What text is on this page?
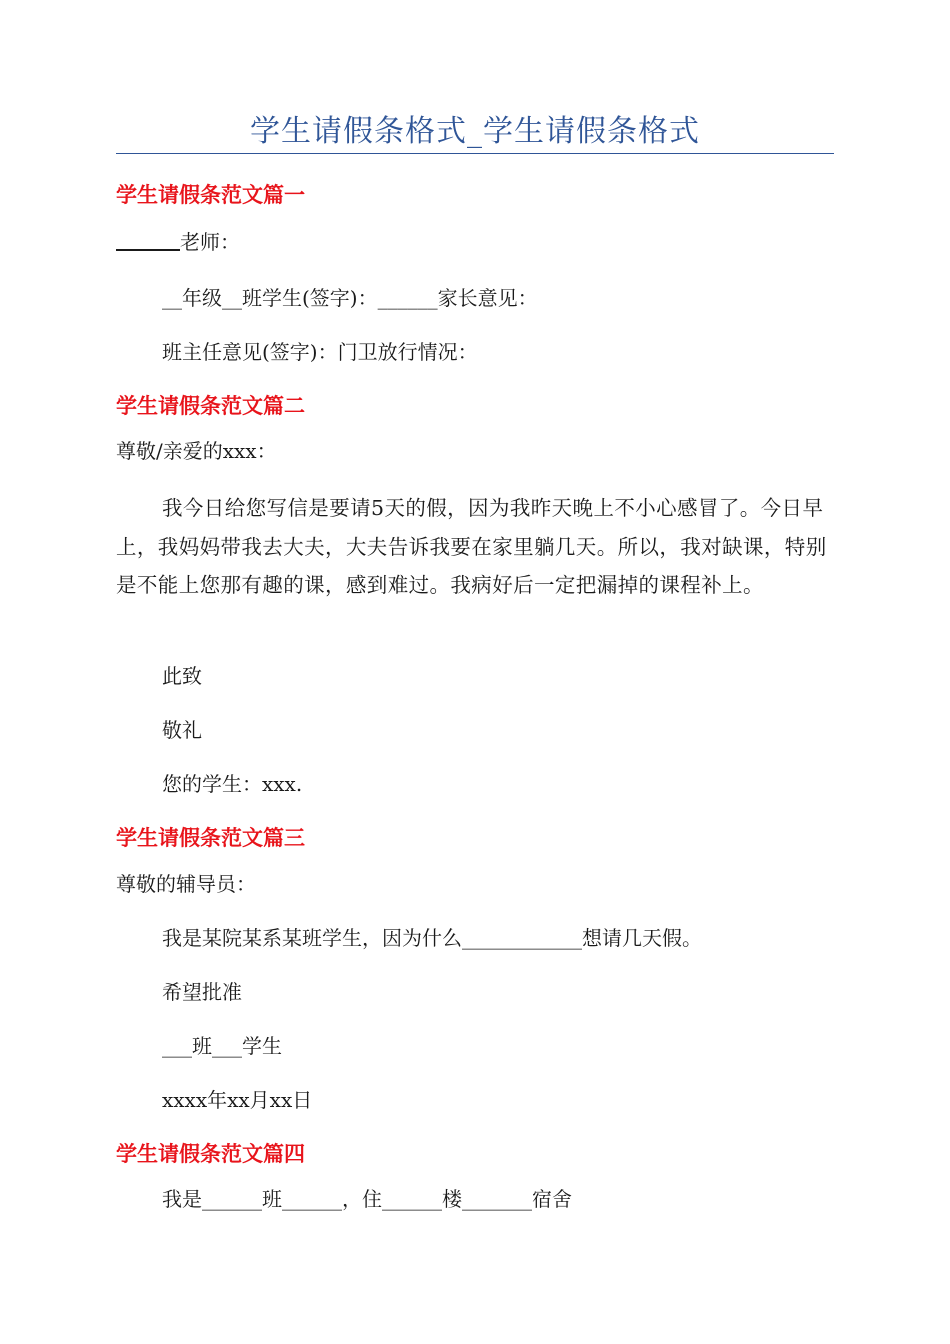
学生请假条格式_学生请假条格式
学生请假条范文篇一
老师：
__年级__班学生(签字)：______家长意见：
班主任意见(签字)：门卫放行情况：
学生请假条范文篇二
尊敬/亲爱的xxx：
我今日给您写信是要请5天的假，因为我昨天晚上不小心感冒了。今日早上，我妈妈带我去大夫，大夫告诉我要在家里躺几天。所以，我对缺课，特别是不能上您那有趣的课，感到难过。我病好后一定把漏掉的课程补上。
此致
敬礼
您的学生：xxx.
学生请假条范文篇三
尊敬的辅导员：
我是某院某系某班学生，因为什么____________想请几天假。
希望批准
___班___学生
xxxx年xx月xx日
学生请假条范文篇四
我是______班______，住______楼_______宿舍
